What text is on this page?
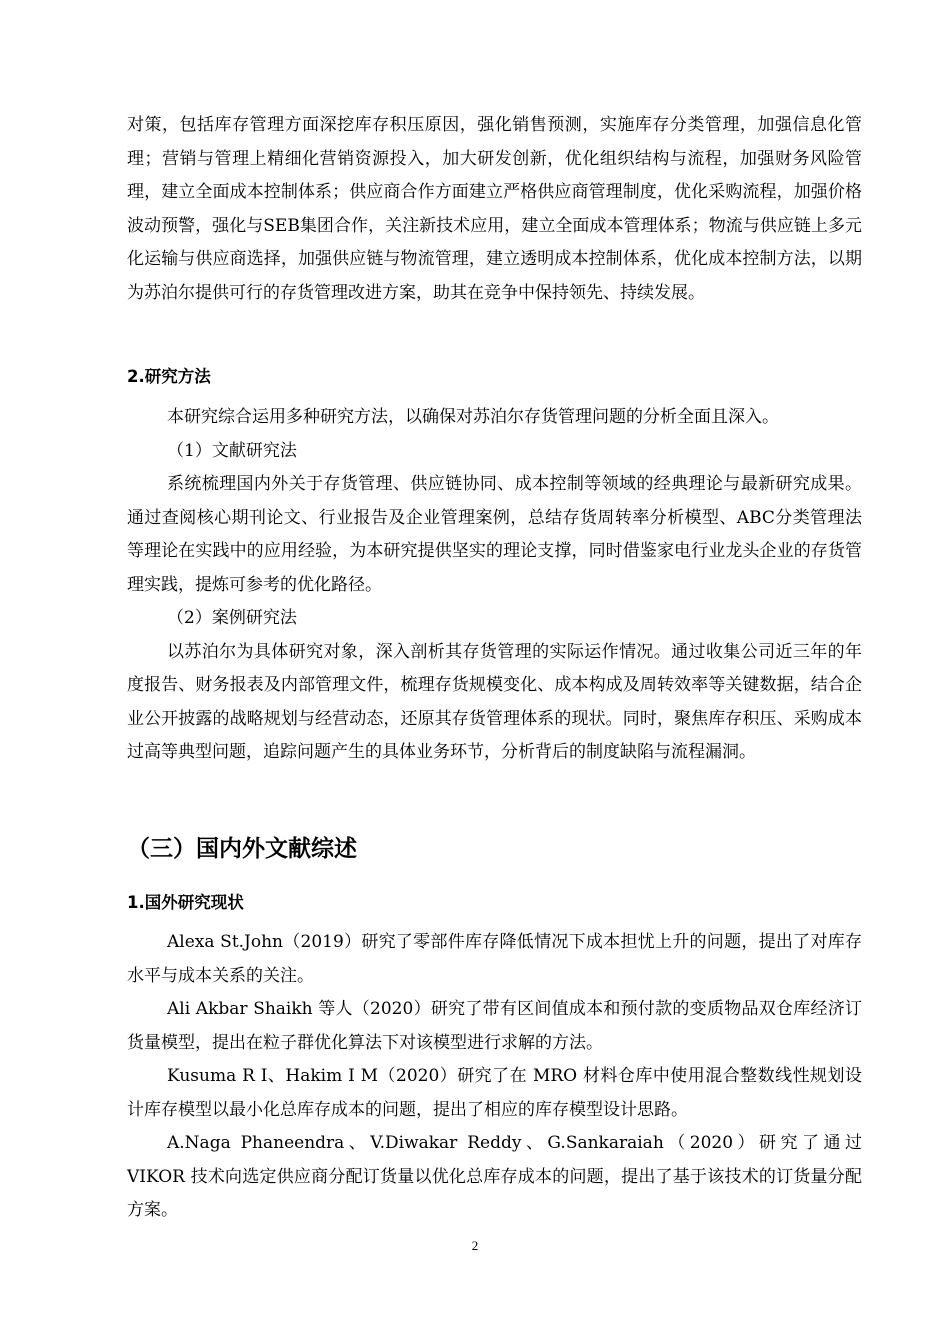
对策，包括库存管理方面深挖库存积压原因，强化销售预测，实施库存分类管理，加强信息化管理；营销与管理上精细化营销资源投入，加大研发创新，优化组织结构与流程，加强财务风险管理，建立全面成本控制体系；供应商合作方面建立严格供应商管理制度，优化采购流程，加强价格波动预警，强化与SEB集团合作，关注新技术应用，建立全面成本管理体系；物流与供应链上多元化运输与供应商选择，加强供应链与物流管理，建立透明成本控制体系，优化成本控制方法，以期为苏泊尔提供可行的存货管理改进方案，助其在竞争中保持领先、持续发展。

2.研究方法

本研究综合运用多种研究方法，以确保对苏泊尔存货管理问题的分析全面且深入。

（1）文献研究法

系统梳理国内外关于存货管理、供应链协同、成本控制等领域的经典理论与最新研究成果。通过查阅核心期刊论文、行业报告及企业管理案例，总结存货周转率分析模型、ABC分类管理法等理论在实践中的应用经验，为本研究提供坚实的理论支撑，同时借鉴家电行业龙头企业的存货管理实践，提炼可参考的优化路径。

（2）案例研究法

以苏泊尔为具体研究对象，深入剖析其存货管理的实际运作情况。通过收集公司近三年的年度报告、财务报表及内部管理文件，梳理存货规模变化、成本构成及周转效率等关键数据，结合企业公开披露的战略规划与经营动态，还原其存货管理体系的现状。同时，聚焦库存积压、采购成本过高等典型问题，追踪问题产生的具体业务环节，分析背后的制度缺陷与流程漏洞。

（三）国内外文献综述
1.国外研究现状

Alexa St.John（2019）研究了零部件库存降低情况下成本担忧上升的问题，提出了对库存水平与成本关系的关注。

Ali Akbar Shaikh 等人（2020）研究了带有区间值成本和预付款的变质物品双仓库经济订货量模型，提出在粒子群优化算法下对该模型进行求解的方法。

Kusuma R I、Hakim I M（2020）研究了在 MRO 材料仓库中使用混合整数线性规划设计库存模型以最小化总库存成本的问题，提出了相应的库存模型设计思路。

A.Naga Phaneendra、V.Diwakar Reddy、G.Sankaraiah（2020）研究了通过 VIKOR 技术向选定供应商分配订货量以优化总库存成本的问题，提出了基于该技术的订货量分配方案。

2
